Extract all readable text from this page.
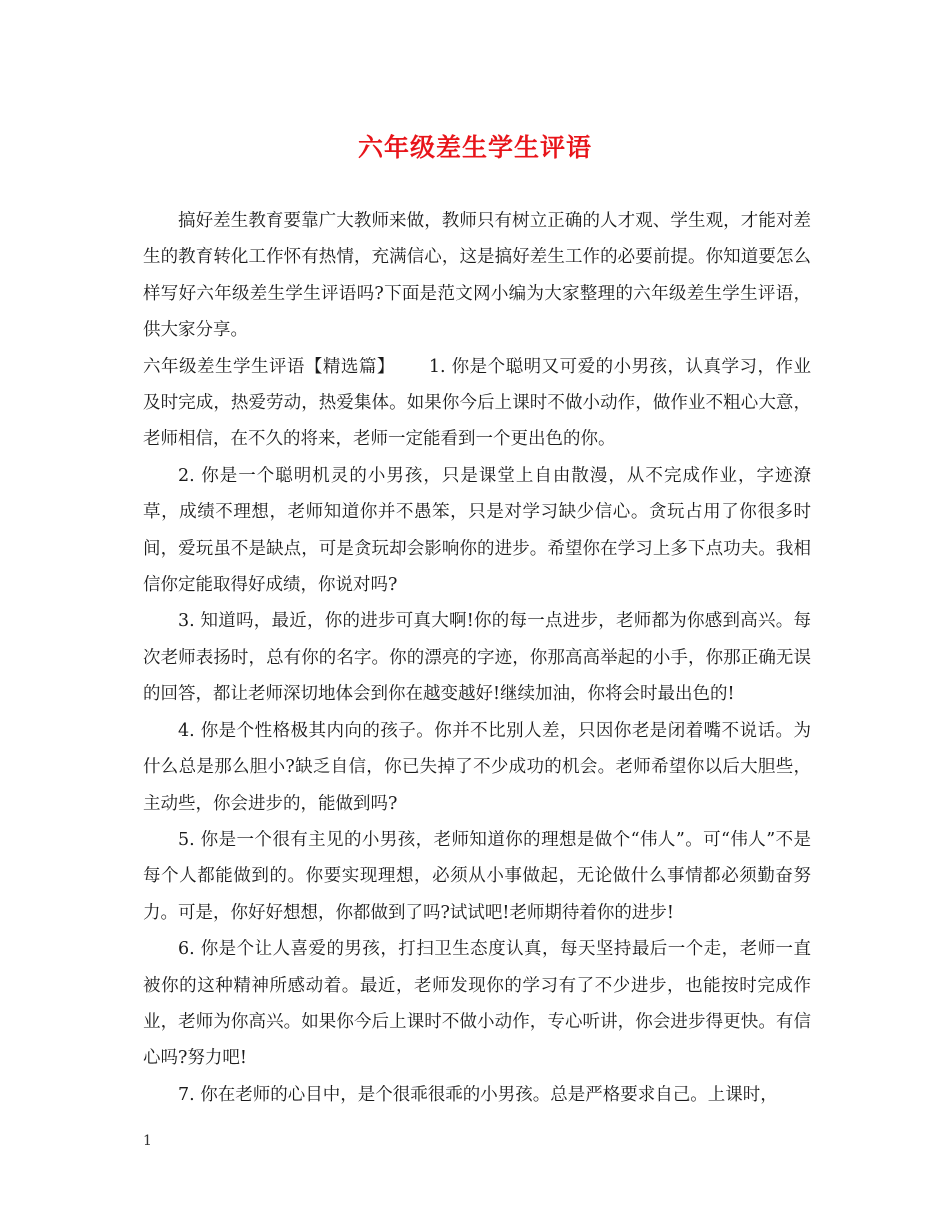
六年级差生学生评语

搞好差生教育要靠广大教师来做，教师只有树立正确的人才观、学生观，才能对差生的教育转化工作怀有热情，充满信心，这是搞好差生工作的必要前提。你知道要怎么样写好六年级差生学生评语吗?下面是范文网小编为大家整理的六年级差生学生评语，供大家分享。

六年级差生学生评语【精选篇】 1. 你是个聪明又可爱的小男孩，认真学习，作业及时完成，热爱劳动，热爱集体。如果你今后上课时不做小动作，做作业不粗心大意，老师相信，在不久的将来，老师一定能看到一个更出色的你。

2. 你是一个聪明机灵的小男孩，只是课堂上自由散漫，从不完成作业，字迹潦草，成绩不理想，老师知道你并不愚笨，只是对学习缺少信心。贪玩占用了你很多时间，爱玩虽不是缺点，可是贪玩却会影响你的进步。希望你在学习上多下点功夫。我相信你定能取得好成绩，你说对吗?

3. 知道吗，最近，你的进步可真大啊!你的每一点进步，老师都为你感到高兴。每次老师表扬时，总有你的名字。你的漂亮的字迹，你那高高举起的小手，你那正确无误的回答，都让老师深切地体会到你在越变越好!继续加油，你将会时最出色的!

4. 你是个性格极其内向的孩子。你并不比别人差，只因你老是闭着嘴不说话。为什么总是那么胆小?缺乏自信，你已失掉了不少成功的机会。老师希望你以后大胆些，主动些，你会进步的，能做到吗?

5. 你是一个很有主见的小男孩，老师知道你的理想是做个“伟人”。可“伟人”不是每个人都能做到的。你要实现理想，必须从小事做起，无论做什么事情都必须勤奋努力。可是，你好好想想，你都做到了吗?试试吧!老师期待着你的进步!

6. 你是个让人喜爱的男孩，打扫卫生态度认真，每天坚持最后一个走，老师一直被你的这种精神所感动着。最近，老师发现你的学习有了不少进步，也能按时完成作业，老师为你高兴。如果你今后上课时不做小动作，专心听讲，你会进步得更快。有信心吗?努力吧!

7. 你在老师的心目中，是个很乖很乖的小男孩。总是严格要求自己。上课时，

1
